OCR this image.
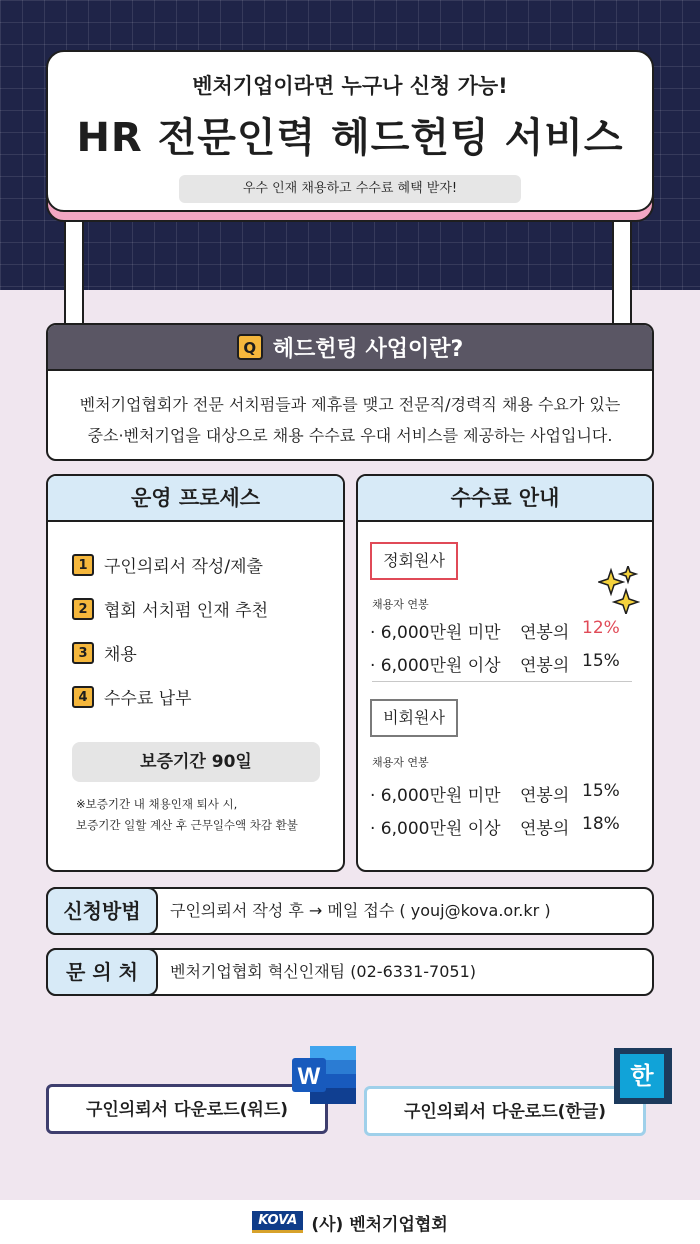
벤처기업이라면 누구나 신청 가능!
HR 전문인력 헤드헌팅 서비스
우수 인재 채용하고 수수료 혜택 받자!
Q 헤드헌팅 사업이란?
벤처기업협회가 전문 서치펌들과 제휴를 맺고 전문직/경력직 채용 수요가 있는
중소·벤처기업을 대상으로 채용 수수료 우대 서비스를 제공하는 사업입니다.
운영 프로세스
1 구인의뢰서 작성/제출
2 협회 서치펌 인재 추천
3 채용
4 수수료 납부
보증기간 90일
※보증기간 내 채용인재 퇴사 시,
보증기간 일할 계산 후 근무일수액 차감 환불
수수료 안내
정회원사
채용자 연봉
· 6,000만원 미만	연봉의 12%
· 6,000만원 이상	연봉의 15%
비회원사
채용자 연봉
· 6,000만원 미만	연봉의 15%
· 6,000만원 이상	연봉의 18%
신청방법	구인의뢰서 작성 후 → 메일 접수 ( youj@kova.or.kr )
문 의 처	벤처기업협회 혁신인재팀 (02-6331-7051)
구인의뢰서 다운로드(워드)
W
구인의뢰서 다운로드(한글)
한
KOVA (사) 벤처기업협회
